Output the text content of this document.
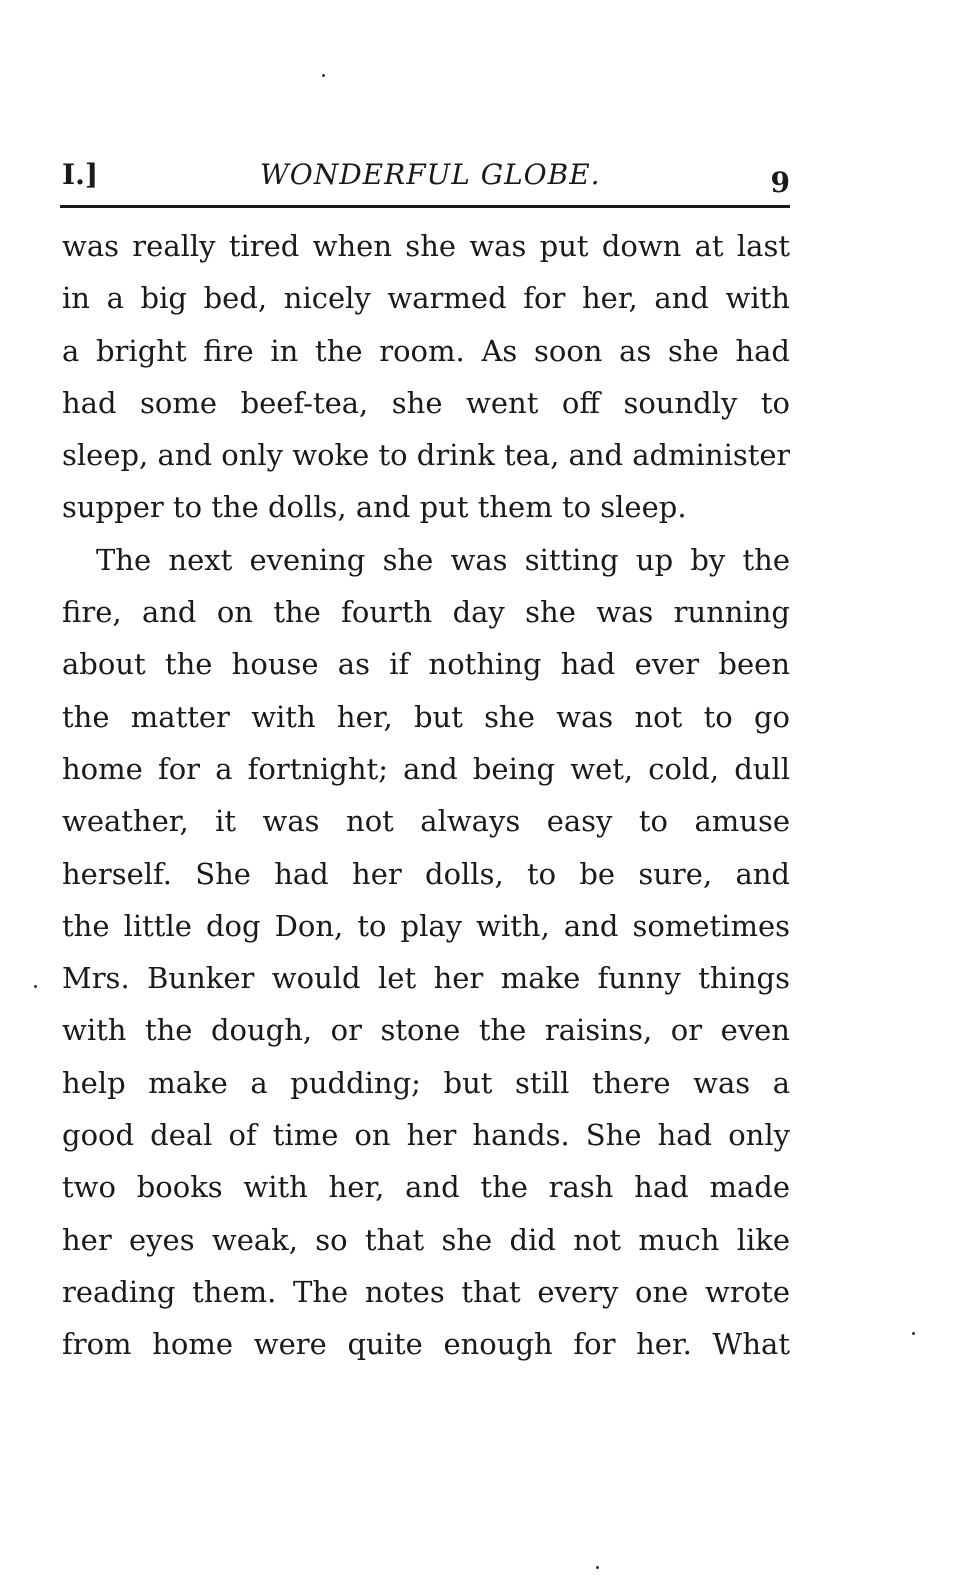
I.]	WONDERFUL GLOBE.	9
was really tired when she was put down at last
in a big bed, nicely warmed for her, and with
a bright fire in the room. As soon as she had
had some beef-tea, she went off soundly to
sleep, and only woke to drink tea, and administer
supper to the dolls, and put them to sleep.
The next evening she was sitting up by the
fire, and on the fourth day she was running
about the house as if nothing had ever been
the matter with her, but she was not to go
home for a fortnight; and being wet, cold, dull
weather, it was not always easy to amuse
herself. She had her dolls, to be sure, and
the little dog Don, to play with, and sometimes
Mrs. Bunker would let her make funny things
with the dough, or stone the raisins, or even
help make a pudding; but still there was a
good deal of time on her hands. She had only
two books with her, and the rash had made
her eyes weak, so that she did not much like
reading them. The notes that every one wrote
from home were quite enough for her. What
